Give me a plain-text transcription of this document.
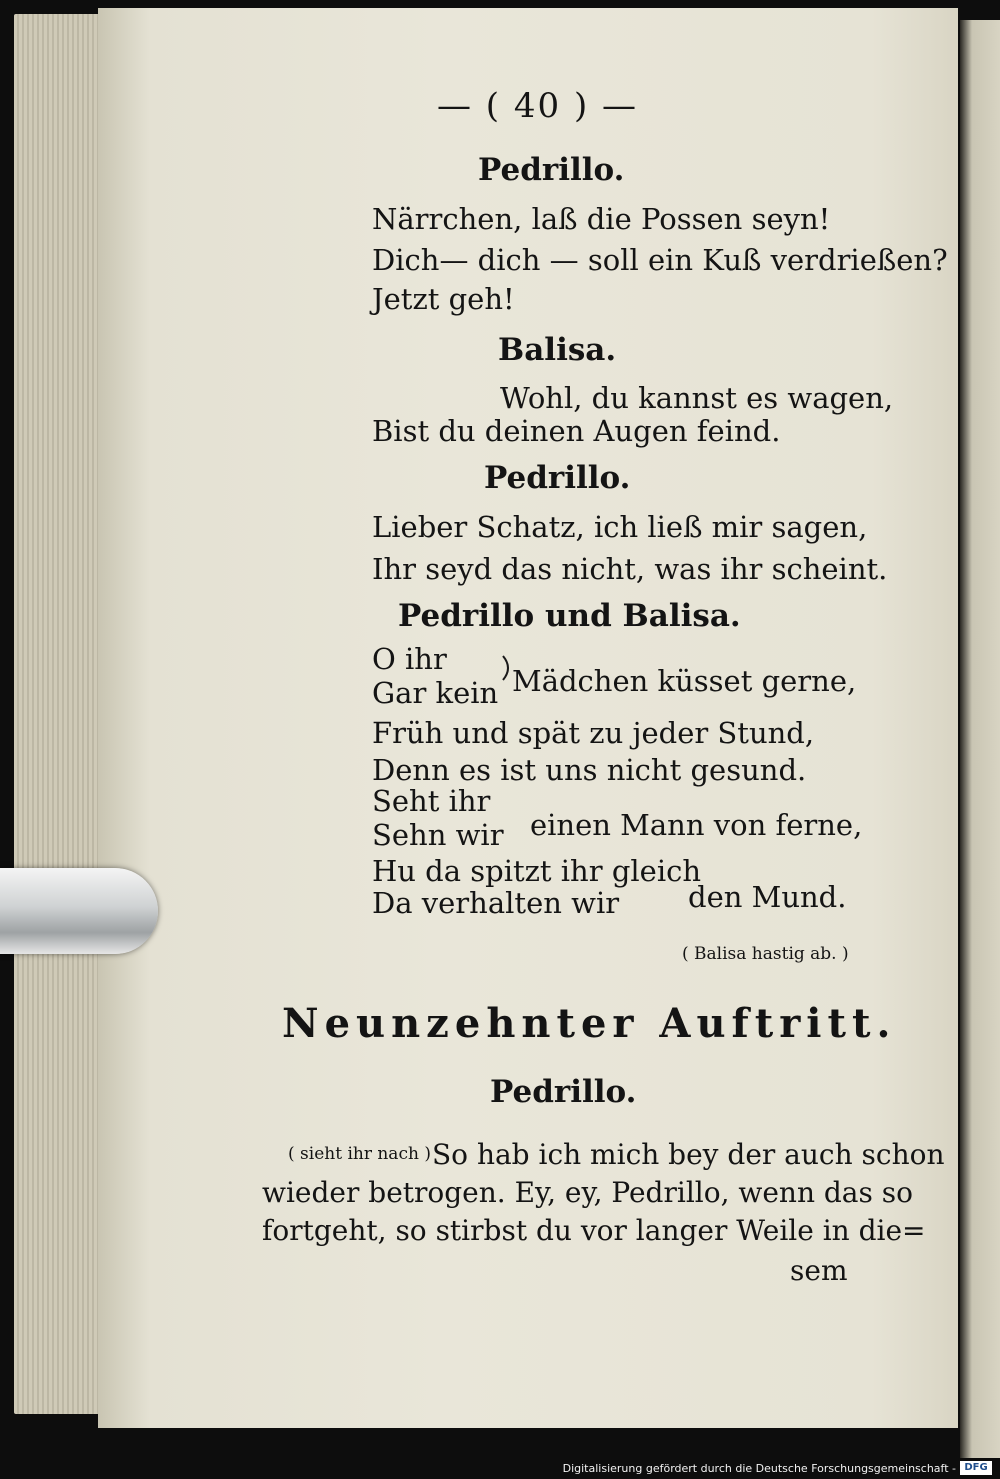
— ( 40 ) —
Pedrillo.
Närrchen, laß die Possen seyn!
Dich— dich — soll ein Kuß verdrießen?
Jetzt geh!
Balisa.
Wohl, du kannst es wagen,
Bist du deinen Augen feind.
Pedrillo.
Lieber Schatz, ich ließ mir sagen,
Ihr seyd das nicht, was ihr scheint.
Pedrillo und Balisa.
O ihr
Gar kein Mädchen küsset gerne,
Früh und spät zu jeder Stund,
Denn es ist uns nicht gesund.
Seht ihr
Sehn wir einen Mann von ferne,
Hu da spitzt ihr gleich
Da verhalten wir den Mund.
( Balisa hastig ab. )
Neunzehnter Auftritt.
Pedrillo.
( sieht ihr nach ) So hab ich mich bey der auch schon
wieder betrogen. Ey, ey, Pedrillo, wenn das so
fortgeht, so stirbst du vor langer Weile in die=
sem
Digitalisierung gefördert durch die Deutsche Forschungsgemeinschaft - DFG
